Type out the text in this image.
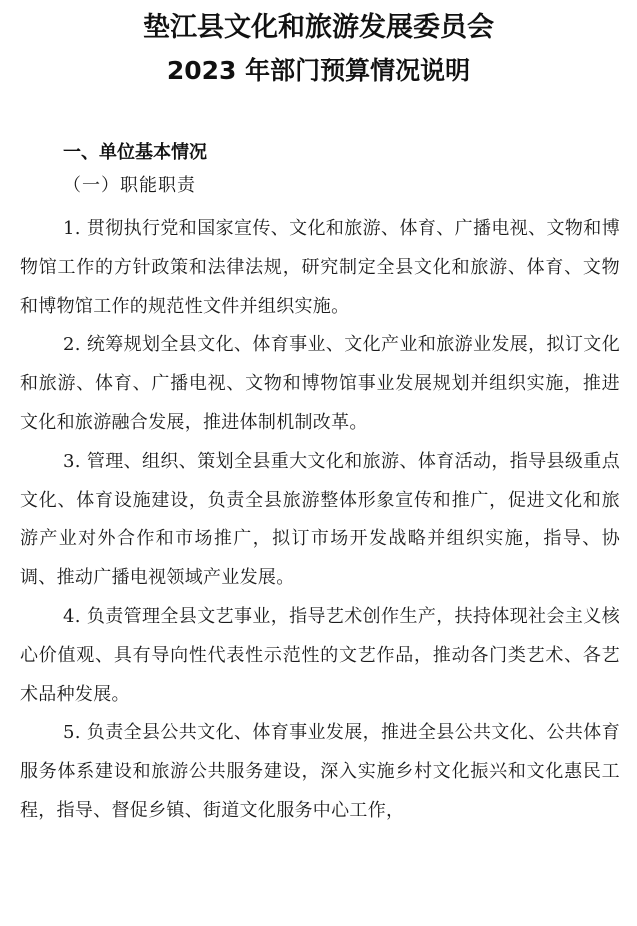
垫江县文化和旅游发展委员会
2023 年部门预算情况说明
一、单位基本情况
（一）职能职责

1. 贯彻执行党和国家宣传、文化和旅游、体育、广播电视、文物和博物馆工作的方针政策和法律法规，研究制定全县文化和旅游、体育、文物和博物馆工作的规范性文件并组织实施。

2. 统筹规划全县文化、体育事业、文化产业和旅游业发展，拟订文化和旅游、体育、广播电视、文物和博物馆事业发展规划并组织实施，推进文化和旅游融合发展，推进体制机制改革。

3. 管理、组织、策划全县重大文化和旅游、体育活动，指导县级重点文化、体育设施建设，负责全县旅游整体形象宣传和推广，促进文化和旅游产业对外合作和市场推广，拟订市场开发战略并组织实施，指导、协调、推动广播电视领域产业发展。

4. 负责管理全县文艺事业，指导艺术创作生产，扶持体现社会主义核心价值观、具有导向性代表性示范性的文艺作品，推动各门类艺术、各艺术品种发展。

5. 负责全县公共文化、体育事业发展，推进全县公共文化、公共体育服务体系建设和旅游公共服务建设，深入实施乡村文化振兴和文化惠民工程，指导、督促乡镇、街道文化服务中心工作，
